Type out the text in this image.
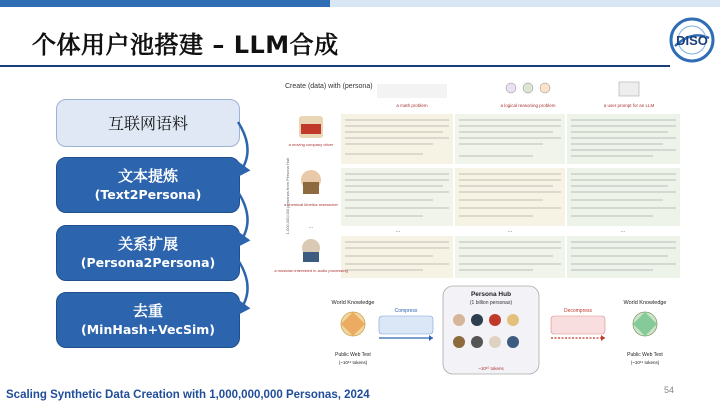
个体用户池搭建 – LLM合成	DISO
互联网语料
文本提炼
(Text2Persona)
关系扩展
(Persona2Persona)
去重
(MinHash+VecSim)
Create (data) with (persona)
a math problem	a logical reasoning problem	a user prompt for an LLM
...	...	...
a moving company driver
a chemical kinetics researcher
...
a musician interested in audio processing
1,000,000,000 personas from Persona Hub
Persona Hub
(1 billion personas)
~10¹⁰ tokens
World Knowledge
Public Web Text
(~10¹⁴ tokens)
Compress	Decompress
World Knowledge
Public Web Text
(~10¹⁴ tokens)
Scaling Synthetic Data Creation with 1,000,000,000 Personas, 2024	54
